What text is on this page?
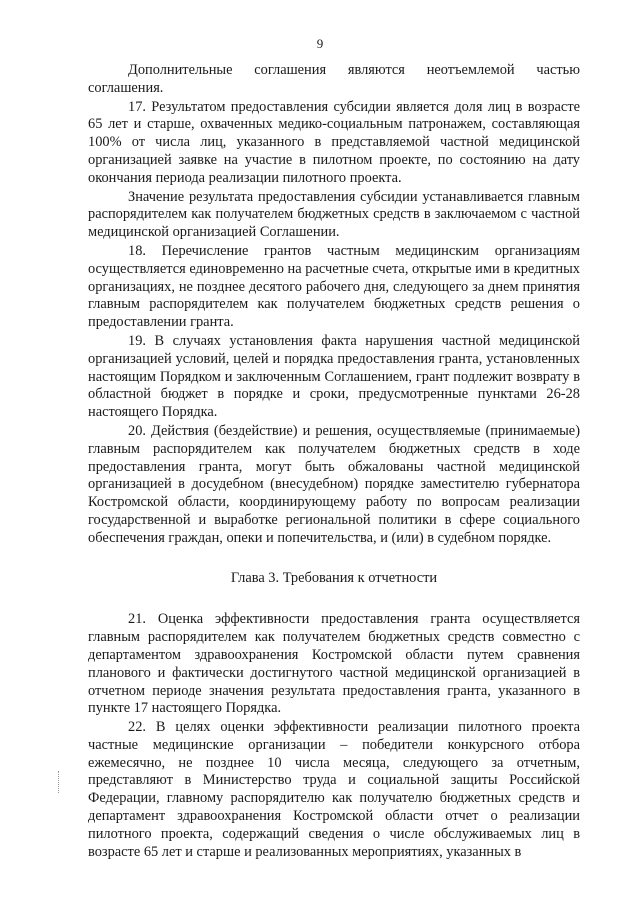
9

Дополнительные соглашения являются неотъемлемой частью соглашения.

17. Результатом предоставления субсидии является доля лиц в возрасте 65 лет и старше, охваченных медико-социальным патронажем, составляющая 100% от числа лиц, указанного в представляемой частной медицинской организацией заявке на участие в пилотном проекте, по состоянию на дату окончания периода реализации пилотного проекта.

Значение результата предоставления субсидии устанавливается главным распорядителем как получателем бюджетных средств в заключаемом с частной медицинской организацией Соглашении.

18. Перечисление грантов частным медицинским организациям осуществляется единовременно на расчетные счета, открытые ими в кредитных организациях, не позднее десятого рабочего дня, следующего за днем принятия главным распорядителем как получателем бюджетных средств решения о предоставлении гранта.

19. В случаях установления факта нарушения частной медицинской организацией условий, целей и порядка предоставления гранта, установленных настоящим Порядком и заключенным Соглашением, грант подлежит возврату в областной бюджет в порядке и сроки, предусмотренные пунктами 26-28 настоящего Порядка.

20. Действия (бездействие) и решения, осуществляемые (принимаемые) главным распорядителем как получателем бюджетных средств в ходе предоставления гранта, могут быть обжалованы частной медицинской организацией в досудебном (внесудебном) порядке заместителю губернатора Костромской области, координирующему работу по вопросам реализации государственной и выработке региональной политики в сфере социального обеспечения граждан, опеки и попечительства, и (или) в судебном порядке.

Глава 3. Требования к отчетности

21. Оценка эффективности предоставления гранта осуществляется главным распорядителем как получателем бюджетных средств совместно с департаментом здравоохранения Костромской области путем сравнения планового и фактически достигнутого частной медицинской организацией в отчетном периоде значения результата предоставления гранта, указанного в пункте 17 настоящего Порядка.

22. В целях оценки эффективности реализации пилотного проекта частные медицинские организации – победители конкурсного отбора ежемесячно, не позднее 10 числа месяца, следующего за отчетным, представляют в Министерство труда и социальной защиты Российской Федерации, главному распорядителю как получателю бюджетных средств и департамент здравоохранения Костромской области отчет о реализации пилотного проекта, содержащий сведения о числе обслуживаемых лиц в возрасте 65 лет и старше и реализованных мероприятиях, указанных в
